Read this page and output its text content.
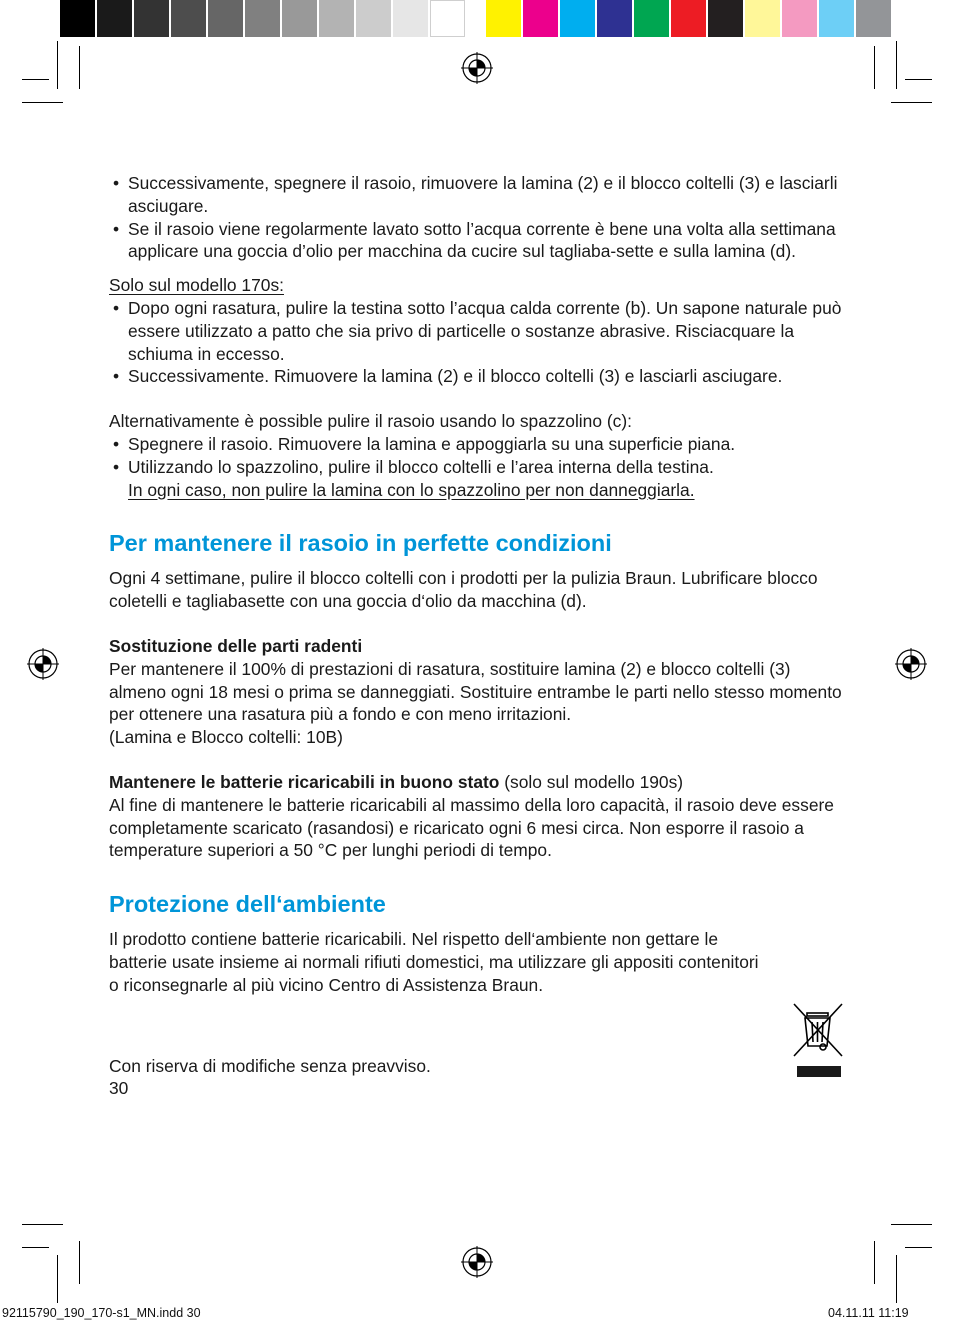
• Successivamente, spegnere il rasoio, rimuovere la lamina (2) e il blocco coltelli (3) e lasciarli asciugare.
• Se il rasoio viene regolarmente lavato sotto l’acqua corrente è bene una volta alla settimana applicare una goccia d’olio per macchina da cucire sul tagliaba-sette e sulla lamina (d).

Solo sul modello 170s:

• Dopo ogni rasatura, pulire la testina sotto l’acqua calda corrente (b). Un sapone naturale può essere utilizzato a patto che sia privo di particelle o sostanze abrasive. Risciacquare la schiuma in eccesso.
• Successivamente. Rimuovere la lamina (2) e il blocco coltelli (3) e lasciarli asciugare.

Alternativamente è possible pulire il rasoio usando lo spazzolino (c):

• Spegnere il rasoio. Rimuovere la lamina e appoggiarla su una superficie piana.
• Utilizzando lo spazzolino, pulire il blocco coltelli e l’area interna della testina.
In ogni caso, non pulire la lamina con lo spazzolino per non danneggiarla.

Per mantenere il rasoio in perfette condizioni

Ogni 4 settimane, pulire il blocco coltelli con i prodotti per la pulizia Braun. Lubrificare blocco coletelli e tagliabasette con una goccia d‘olio da macchina (d).

Sostituzione delle parti radenti

Per mantenere il 100% di prestazioni di rasatura, sostituire lamina (2) e blocco coltelli (3) almeno ogni 18 mesi o prima se danneggiati. Sostituire entrambe le parti nello stesso momento per ottenere una rasatura più a fondo e con meno irritazioni.

(Lamina e Blocco coltelli: 10B)

Mantenere le batterie ricaricabili in buono stato (solo sul modello 190s)

Al fine di mantenere le batterie ricaricabili al massimo della loro capacità, il rasoio deve essere completamente scaricato (rasandosi) e ricaricato ogni 6 mesi circa. Non esporre il rasoio a temperature superiori a 50 °C per lunghi periodi di tempo.

Protezione dell‘ambiente

Il prodotto contiene batterie ricaricabili. Nel rispetto dell‘ambiente non gettare le batterie usate insieme ai normali rifiuti domestici, ma utilizzare gli appositi contenitori o riconsegnarle al più vicino Centro di Assistenza Braun.

Con riserva di modifiche senza preavviso.

30

92115790_190_170-s1_MN.indd 30	04.11.11 11:19
